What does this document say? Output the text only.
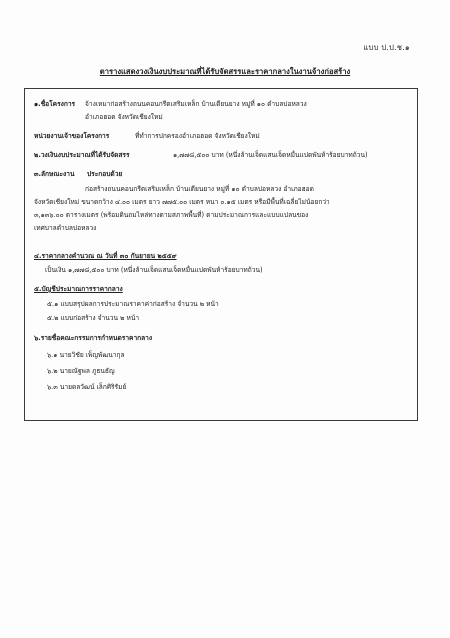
แบบ ป.ป.ช.๑
ตารางแสดงวงเงินงบประมาณที่ได้รับจัดสรรและราคากลางในงานจ้างก่อสร้าง
๑.ชื่อโครงการ จ้างเหมาก่อสร้างถนนคอนกรีตเสริมเหล็ก บ้านเตียนยาง หมู่ที่ ๑๐ ตำบลบ่อหลวง
อำเภอฮอด จังหวัดเชียงใหม่
หน่วยงานเจ้าของโครงการ	ที่ทำการปกครองอำเภอฮอด จังหวัดเชียงใหม่
๒.วงเงินงบประมาณที่ได้รับจัดสรร	๑,๗๗๘,๕๐๐ บาท (หนึ่งล้านเจ็ดแสนเจ็ดหมื่นแปดพันห้าร้อยบาทถ้วน)
๓.ลักษณะงาน ประกอบด้วย
ก่อสร้างถนนคอนกรีตเสริมเหล็ก บ้านเตียนยาง หมู่ที่ ๑๐ ตำบลบ่อหลวง อำเภอฮอด
จังหวัดเชียงใหม่ ขนาดกว้าง ๔.๐๐ เมตร ยาว ๗๗๕.๐๐ เมตร หนา ๐.๑๕ เมตร หรือมีพื้นที่เฉลี่ยไม่น้อยกว่า
๓,๑๓๖.๐๐ ตารางเมตร (พร้อมดินถมไหล่ทางตามสภาพพื้นที่) ตามประมาณการและแบบแปลนของ
เทศบาลตำบลบ่อหลวง
๔.ราคากลางคำนวณ ณ วันที่ ๓๐ กันยายน ๒๕๕๙
เป็นเงิน ๑,๗๗๘,๕๐๐ บาท (หนึ่งล้านเจ็ดแสนเจ็ดหมื่นแปดพันห้าร้อยบาทถ้วน)
๕.บัญชีประมาณการราคากลาง
๕.๑ แบบสรุปผลการประมาณราคาค่าก่อสร้าง จำนวน ๒ หน้า
๕.๒ แบบก่อสร้าง จำนวน ๒ หน้า
๖.รายชื่อคณะกรรมการกำหนดราคากลาง
๖.๑ นายวิชัย เพ็ญพัฒนากุล
๖.๒ นายณัฐพล ภูธนธัญ
๖.๓ นายดลวัฒน์ เล็กศิริรัมย์
